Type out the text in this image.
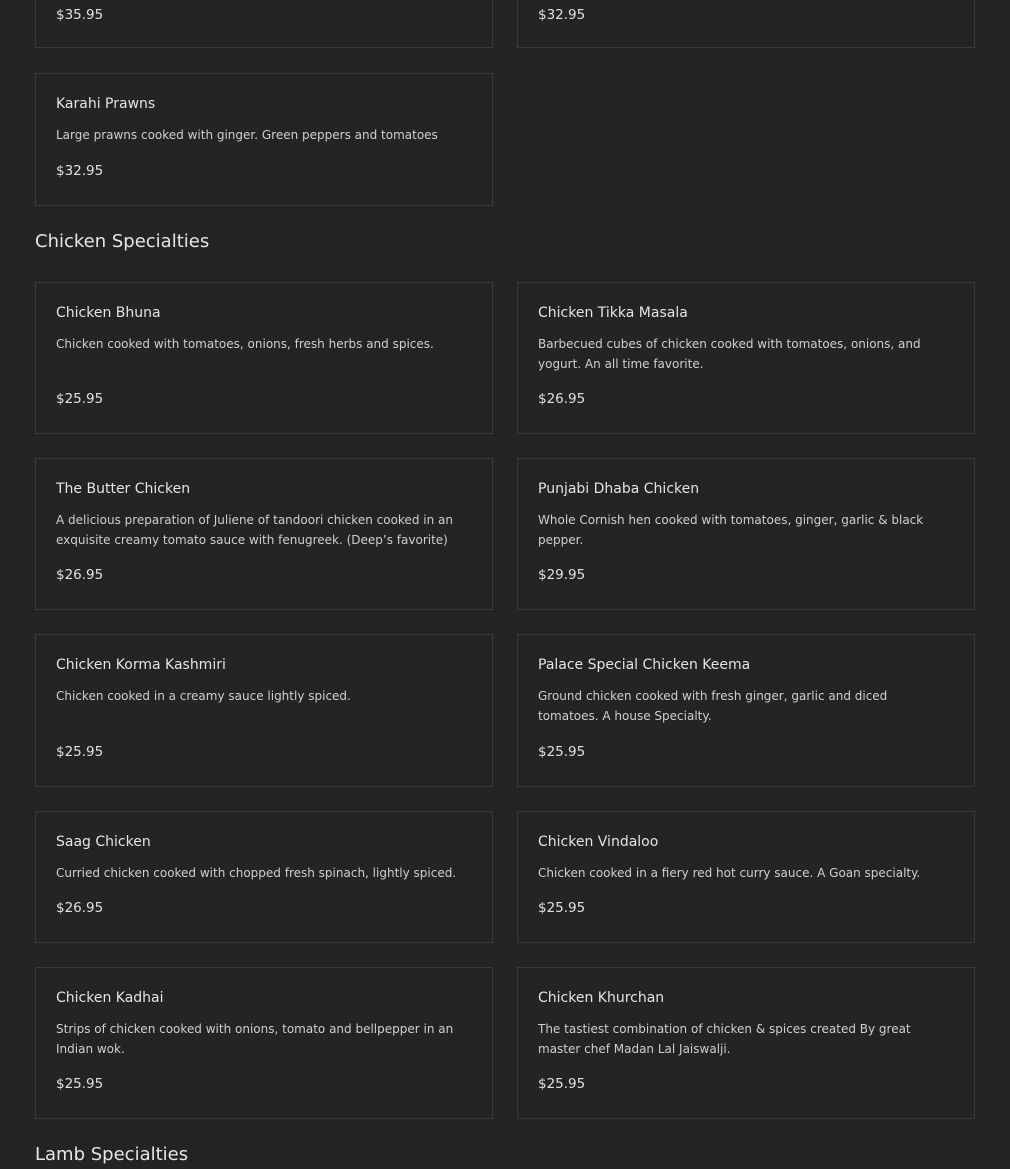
$35.95	$32.95
Karahi Prawns
Large prawns cooked with ginger. Green peppers and tomatoes
$32.95
Chicken Specialties
Chicken Bhuna
Chicken cooked with tomatoes, onions, fresh herbs and spices.
$25.95
Chicken Tikka Masala
Barbecued cubes of chicken cooked with tomatoes, onions, and yogurt. An all time favorite.
$26.95
The Butter Chicken
A delicious preparation of Juliene of tandoori chicken cooked in an exquisite creamy tomato sauce with fenugreek. (Deep’s favorite)
$26.95
Punjabi Dhaba Chicken
Whole Cornish hen cooked with tomatoes, ginger, garlic & black pepper.
$29.95
Chicken Korma Kashmiri
Chicken cooked in a creamy sauce lightly spiced.
$25.95
Palace Special Chicken Keema
Ground chicken cooked with fresh ginger, garlic and diced tomatoes. A house Specialty.
$25.95
Saag Chicken
Curried chicken cooked with chopped fresh spinach, lightly spiced.
$26.95
Chicken Vindaloo
Chicken cooked in a fiery red hot curry sauce. A Goan specialty.
$25.95
Chicken Kadhai
Strips of chicken cooked with onions, tomato and bellpepper in an Indian wok.
$25.95
Chicken Khurchan
The tastiest combination of chicken & spices created By great master chef Madan Lal Jaiswalji.
$25.95
Lamb Specialties
